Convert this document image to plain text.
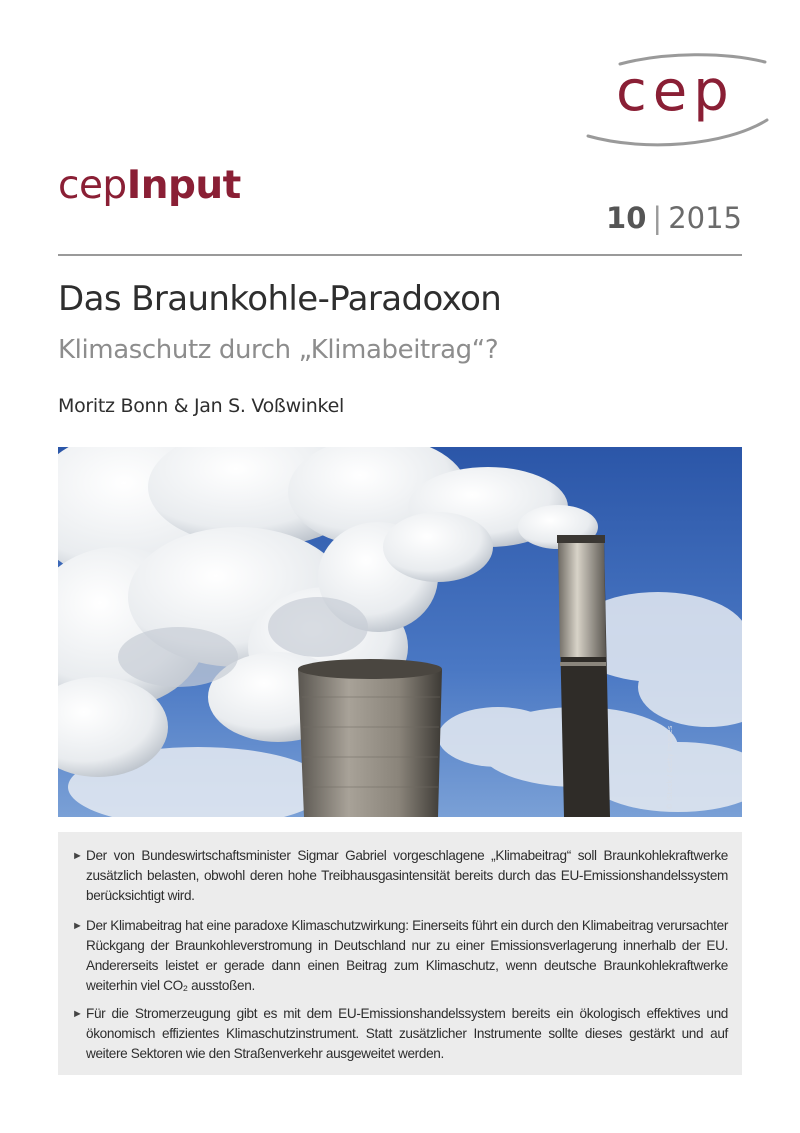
cep
cepInput
10 | 2015
Das Braunkohle-Paradoxon
Klimaschutz durch „Klimabeitrag“?
Moritz Bonn & Jan S. Voßwinkel
© iStock / Getty Images
► Der von Bundeswirtschaftsminister Sigmar Gabriel vorgeschlagene „Klimabeitrag“ soll Braunkohlekraftwerke zusätzlich belasten, obwohl deren hohe Treibhausgasintensität bereits durch das EU-Emissionshandelssystem berücksichtigt wird.
► Der Klimabeitrag hat eine paradoxe Klimaschutzwirkung: Einerseits führt ein durch den Klimabeitrag verursachter Rückgang der Braunkohleverstromung in Deutschland nur zu einer Emissionsverlagerung innerhalb der EU. Andererseits leistet er gerade dann einen Beitrag zum Klimaschutz, wenn deutsche Braunkohlekraftwerke weiterhin viel CO₂ ausstoßen.
► Für die Stromerzeugung gibt es mit dem EU-Emissionshandelssystem bereits ein ökologisch effektives und ökonomisch effizientes Klimaschutzinstrument. Statt zusätzlicher Instrumente sollte dieses gestärkt und auf weitere Sektoren wie den Straßenverkehr ausgeweitet werden.
